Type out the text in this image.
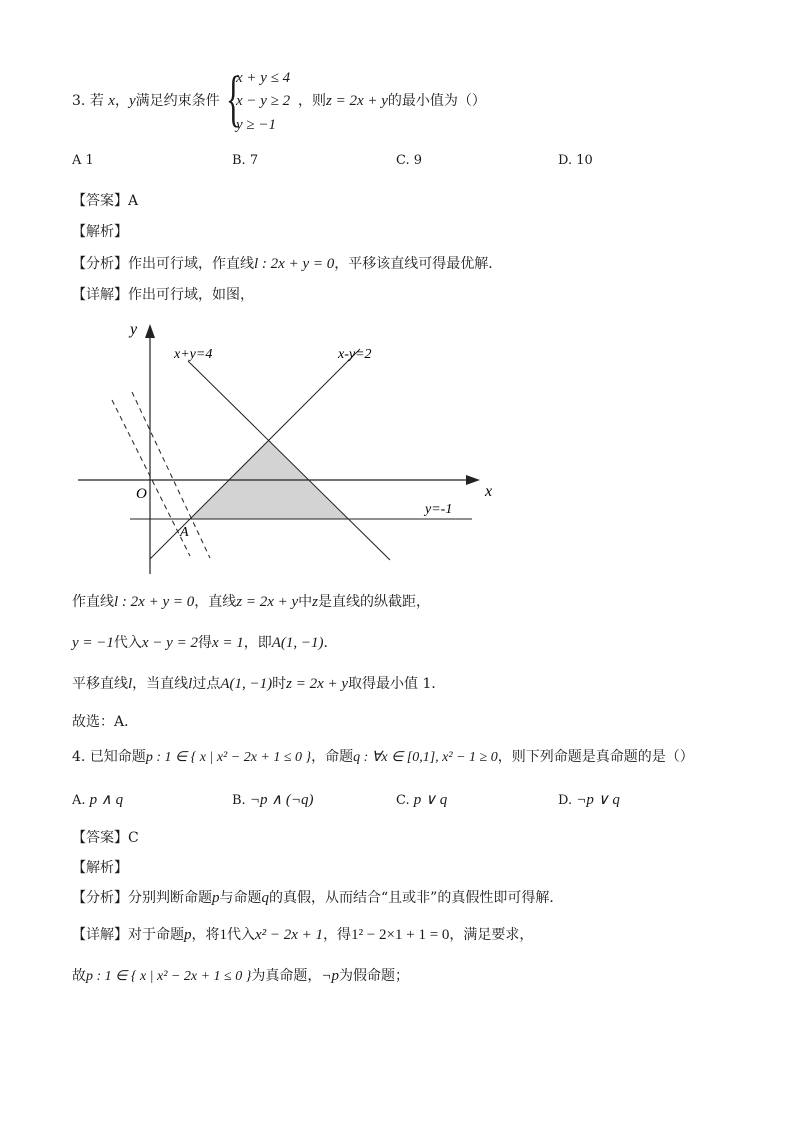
3. 若 x，y满足约束条件 {
x + y ≤ 4
x − y ≥ 2
y ≥ −1
，则z = 2x + y的最小值为（）
A 1	B. 7	C. 9	D. 10
【答案】A
【解析】
【分析】作出可行域，作直线l : 2x + y = 0，平移该直线可得最优解．
【详解】作出可行域，如图，
x
y
O
x+y=4	x-y=2
y=-1
A
作直线l : 2x + y = 0，直线z = 2x + y中z是直线的纵截距，
y = −1代入x − y = 2得x = 1，即A(1, −1)．
平移直线l，当直线l过点A(1, −1)时z = 2x + y取得最小值 1．
故选：A．
4. 已知命题p : 1 ∈ { x | x² − 2x + 1 ≤ 0 }，命题q : ∀x ∈ [0,1], x² − 1 ≥ 0，则下列命题是真命题的是（）
A. p ∧ q	B. ¬p ∧ (¬q)	C. p ∨ q	D. ¬p ∨ q
【答案】C
【解析】
【分析】分别判断命题p与命题q的真假，从而结合“且或非”的真假性即可得解．
【详解】对于命题p，将1代入x² − 2x + 1，得1² − 2×1 + 1 = 0，满足要求，
故p : 1 ∈ { x | x² − 2x + 1 ≤ 0 }为真命题，¬p为假命题；
